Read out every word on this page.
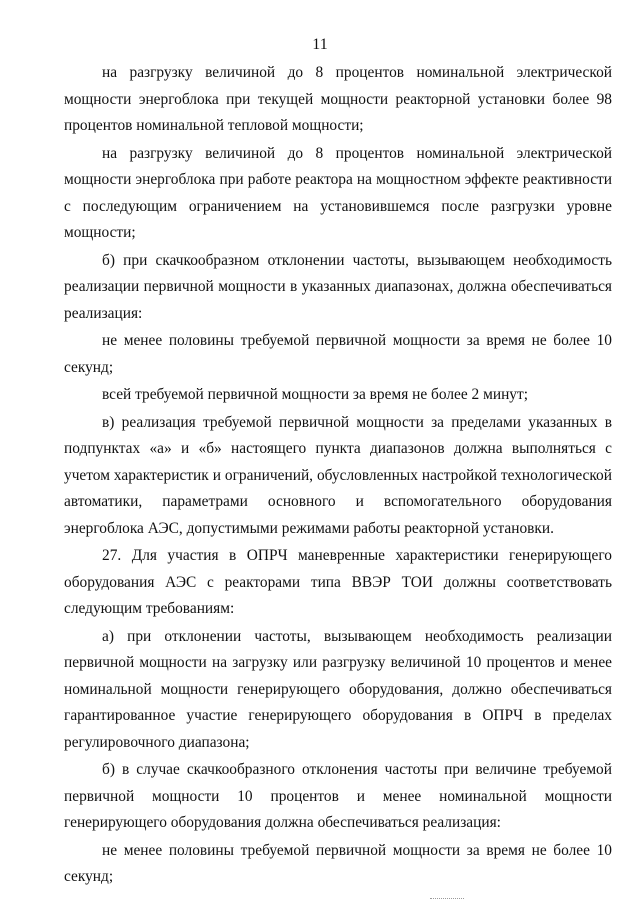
11

на разгрузку величиной до 8 процентов номинальной электрической мощности энергоблока при текущей мощности реакторной установки более 98 процентов номинальной тепловой мощности;

на разгрузку величиной до 8 процентов номинальной электрической мощности энергоблока при работе реактора на мощностном эффекте реактивности с последующим ограничением на установившемся после разгрузки уровне мощности;

б) при скачкообразном отклонении частоты, вызывающем необходимость реализации первичной мощности в указанных диапазонах, должна обеспечиваться реализация:

не менее половины требуемой первичной мощности за время не более 10 секунд;

всей требуемой первичной мощности за время не более 2 минут;

в) реализация требуемой первичной мощности за пределами указанных в подпунктах «а» и «б» настоящего пункта диапазонов должна выполняться с учетом характеристик и ограничений, обусловленных настройкой технологической автоматики, параметрами основного и вспомогательного оборудования энергоблока АЭС, допустимыми режимами работы реакторной установки.

27. Для участия в ОПРЧ маневренные характеристики генерирующего оборудования АЭС с реакторами типа ВВЭР ТОИ должны соответствовать следующим требованиям:

а) при отклонении частоты, вызывающем необходимость реализации первичной мощности на загрузку или разгрузку величиной 10 процентов и менее номинальной мощности генерирующего оборудования, должно обеспечиваться гарантированное участие генерирующего оборудования в ОПРЧ в пределах регулировочного диапазона;

б) в случае скачкообразного отклонения частоты при величине требуемой первичной мощности 10 процентов и менее номинальной мощности генерирующего оборудования должна обеспечиваться реализация:

не менее половины требуемой первичной мощности за время не более 10 секунд;
